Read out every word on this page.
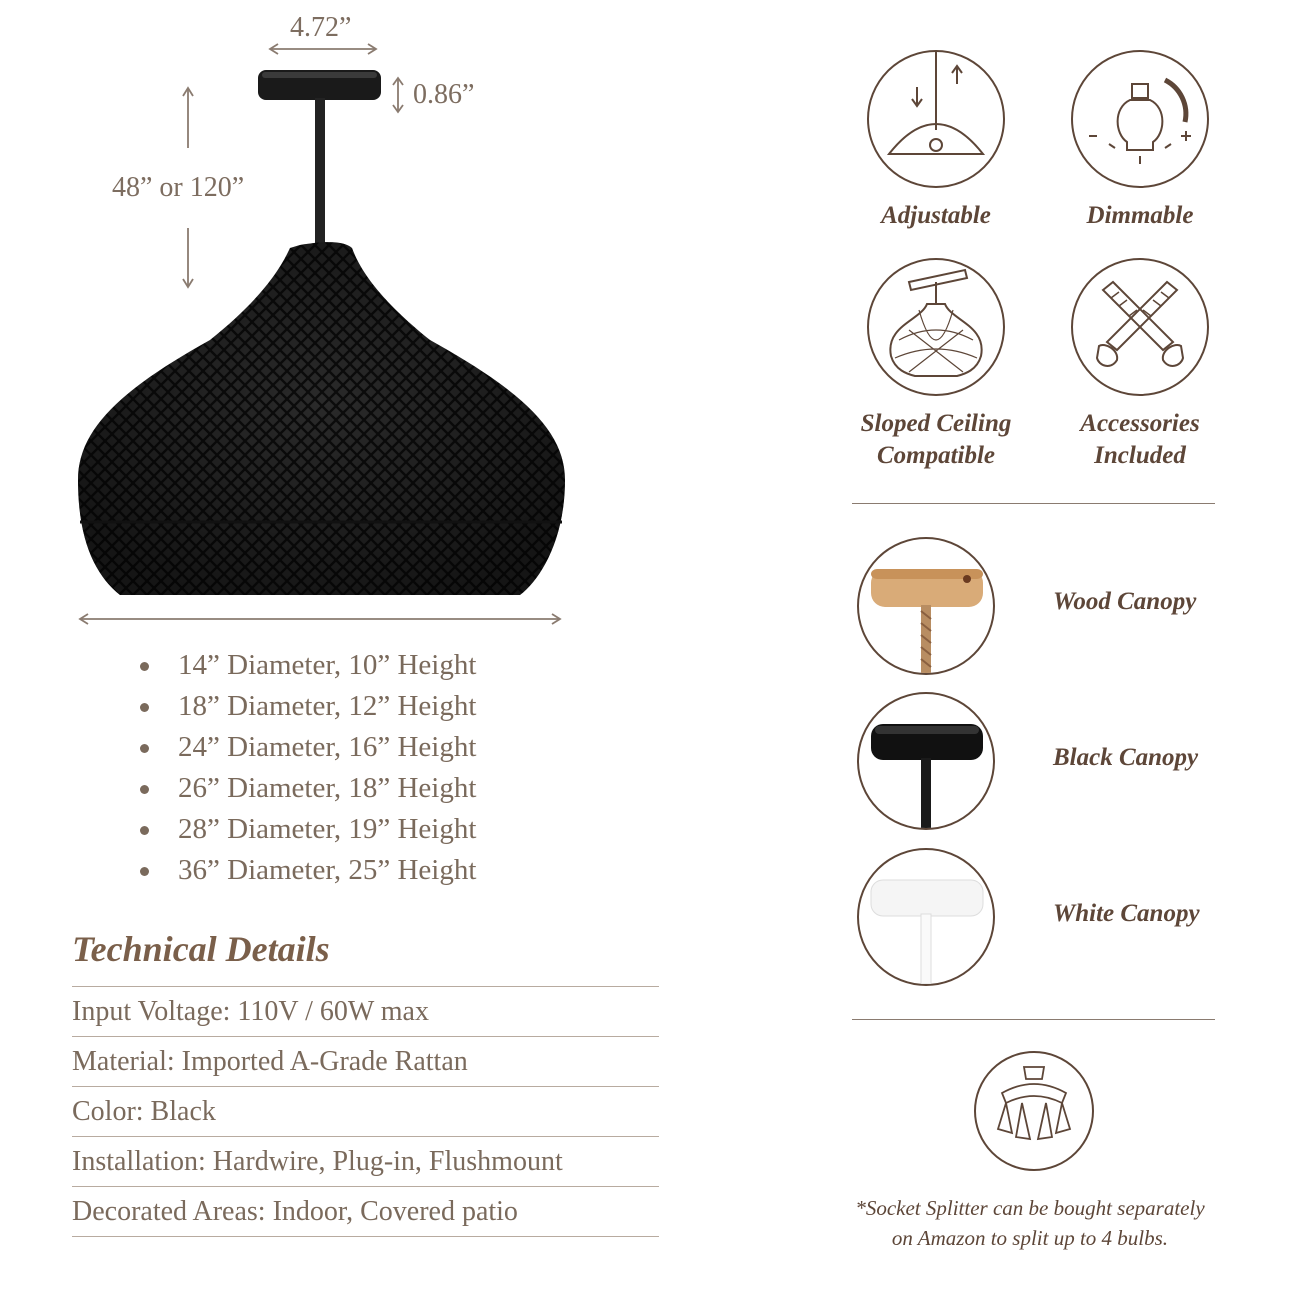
4.72”
0.86”
48” or 120”
14” Diameter, 10” Height
18” Diameter, 12” Height
24” Diameter, 16” Height
26” Diameter, 18” Height
28” Diameter, 19” Height
36” Diameter, 25” Height
Technical Details
Input Voltage: 110V / 60W max
Material: Imported A-Grade Rattan
Color: Black
Installation: Hardwire, Plug-in, Flushmount
Decorated Areas: Indoor, Covered patio
Adjustable	Dimmable
Sloped Ceiling
Compatible
Accessories
Included
Wood Canopy
Black Canopy
White Canopy
*Socket Splitter can be bought separately
on Amazon to split up to 4 bulbs.
